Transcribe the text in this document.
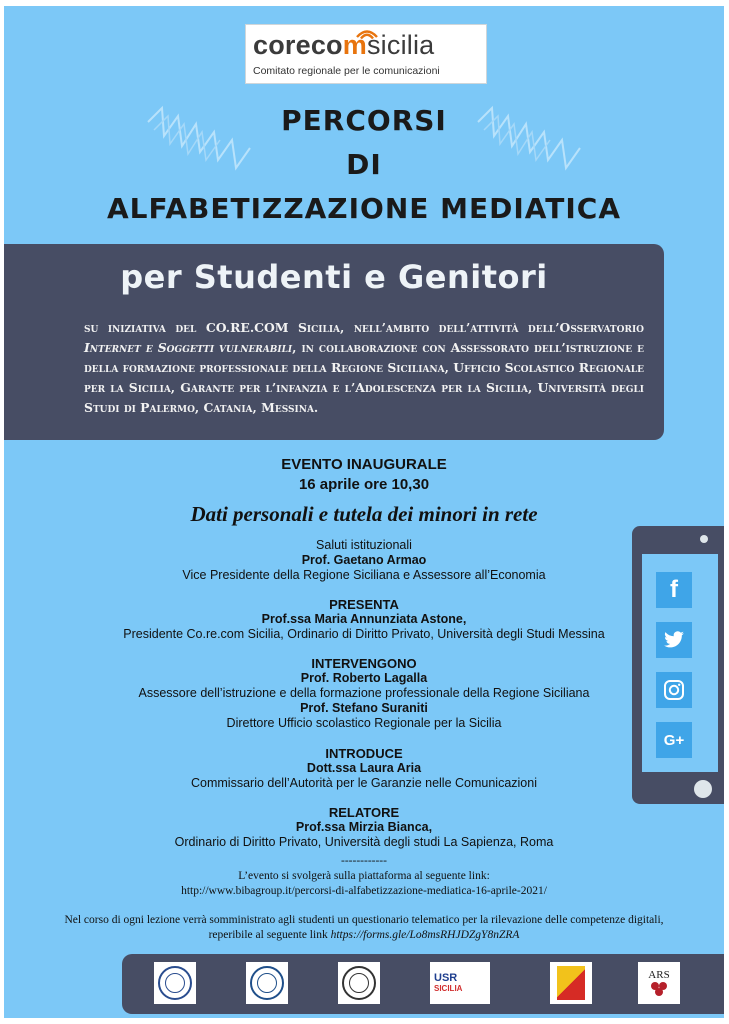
corecomsicilia
Comitato regionale per le comunicazioni
PERCORSI
DI
ALFABETIZZAZIONE MEDIATICA
per Studenti e Genitori
su iniziativa del CO.RE.COM Sicilia, nell’ambito dell’attività dell’Osservatorio Internet e Soggetti vulnerabili, in collaborazione con Assessorato dell’istruzione e della formazione professionale della Regione Siciliana, Ufficio Scolastico Regionale per la Sicilia, Garante per l’infanzia e l’Adolescenza per la Sicilia, Università degli Studi di Palermo, Catania, Messina.
EVENTO INAUGURALE
16 aprile ore 10,30
Dati personali e tutela dei minori in rete
Saluti istituzionali
Prof. Gaetano Armao
Vice Presidente della Regione Siciliana e Assessore all’Economia
PRESENTA
Prof.ssa Maria Annunziata Astone,
Presidente Co.re.com Sicilia, Ordinario di Diritto Privato, Università degli Studi Messina
INTERVENGONO
Prof. Roberto Lagalla
Assessore dell’istruzione e della formazione professionale della Regione Siciliana
Prof. Stefano Suraniti
Direttore Ufficio scolastico Regionale per la Sicilia
INTRODUCE
Dott.ssa Laura Aria
Commissario dell’Autorità per le Garanzie nelle Comunicazioni
RELATORE
Prof.ssa Mirzia Bianca,
Ordinario di Diritto Privato, Università degli studi La Sapienza, Roma
------------
L’evento si svolgerà sulla piattaforma al seguente link:
http://www.bibagroup.it/percorsi-di-alfabetizzazione-mediatica-16-aprile-2021/
Nel corso di ogni lezione verrà somministrato agli studenti un questionario telematico per la rilevazione delle competenze digitali,
reperibile al seguente link https://forms.gle/Lo8msRHJDZgY8nZRA
f
G+
USR
SICILIA
ARS
